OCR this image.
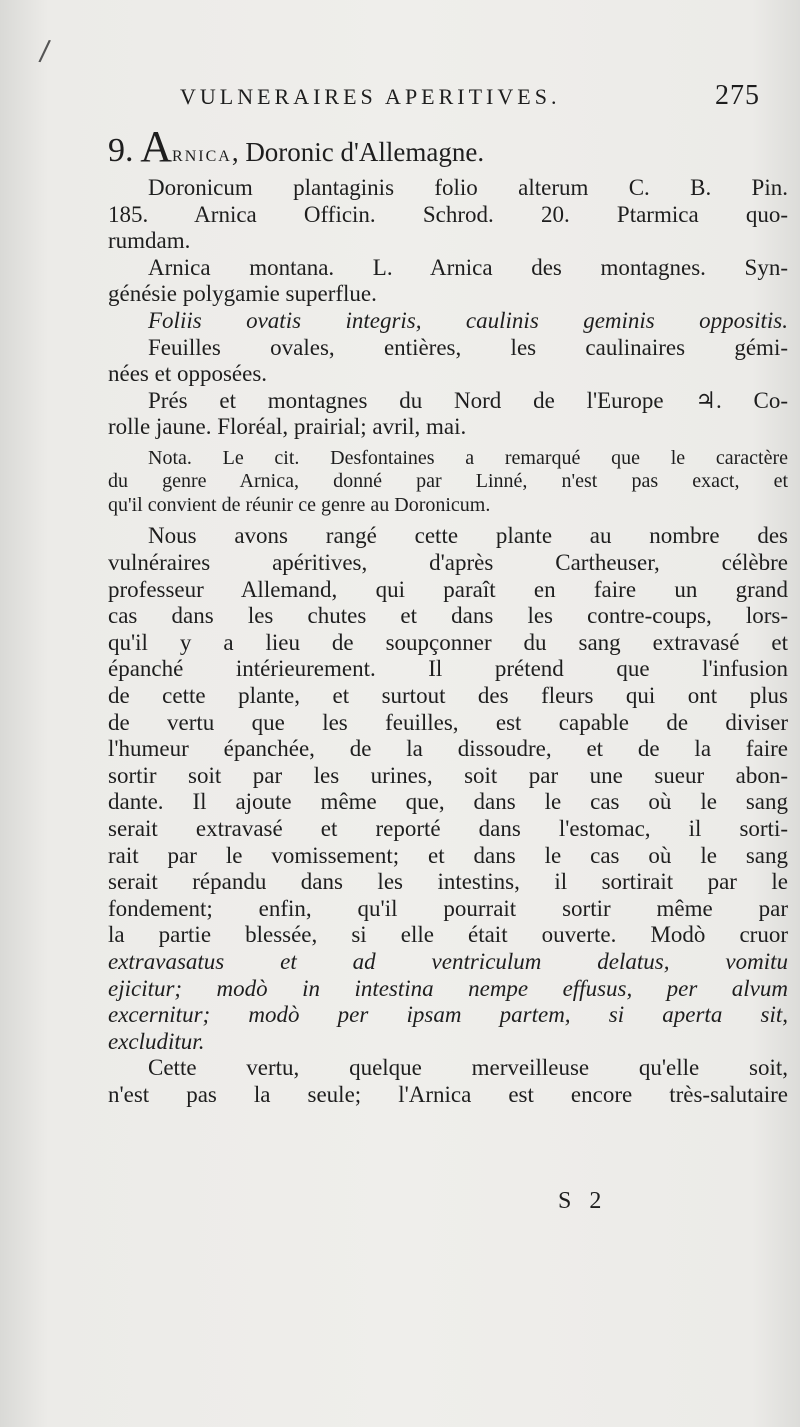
/
VULNERAIRES APERITIVES.	275
9. ARNICA, Doronic d'Allemagne.
Doronicum plantaginis folio alterum C. B. Pin.
185. Arnica Officin. Schrod. 20. Ptarmica quo-
rumdam.
Arnica montana. L. Arnica des montagnes. Syn-
génésie polygamie superflue.
Foliis ovatis integris, caulinis geminis oppositis.
Feuilles ovales, entières, les caulinaires gémi-
nées et opposées.
Prés et montagnes du Nord de l'Europe ♃. Co-
rolle jaune. Floréal, prairial; avril, mai.
Nota. Le cit. Desfontaines a remarqué que le caractère
du genre Arnica, donné par Linné, n'est pas exact, et
qu'il convient de réunir ce genre au Doronicum.
Nous avons rangé cette plante au nombre des
vulnéraires apéritives, d'après Cartheuser, célèbre
professeur Allemand, qui paraît en faire un grand
cas dans les chutes et dans les contre-coups, lors-
qu'il y a lieu de soupçonner du sang extravasé et
épanché intérieurement. Il prétend que l'infusion
de cette plante, et surtout des fleurs qui ont plus
de vertu que les feuilles, est capable de diviser
l'humeur épanchée, de la dissoudre, et de la faire
sortir soit par les urines, soit par une sueur abon-
dante. Il ajoute même que, dans le cas où le sang
serait extravasé et reporté dans l'estomac, il sorti-
rait par le vomissement; et dans le cas où le sang
serait répandu dans les intestins, il sortirait par le
fondement; enfin, qu'il pourrait sortir même par
la partie blessée, si elle était ouverte. Modò cruor
extravasatus et ad ventriculum delatus, vomitu
ejicitur; modò in intestina nempe effusus, per alvum
excernitur; modò per ipsam partem, si aperta sit,
excluditur.
Cette vertu, quelque merveilleuse qu'elle soit,
n'est pas la seule; l'Arnica est encore très-salutaire
S 2
